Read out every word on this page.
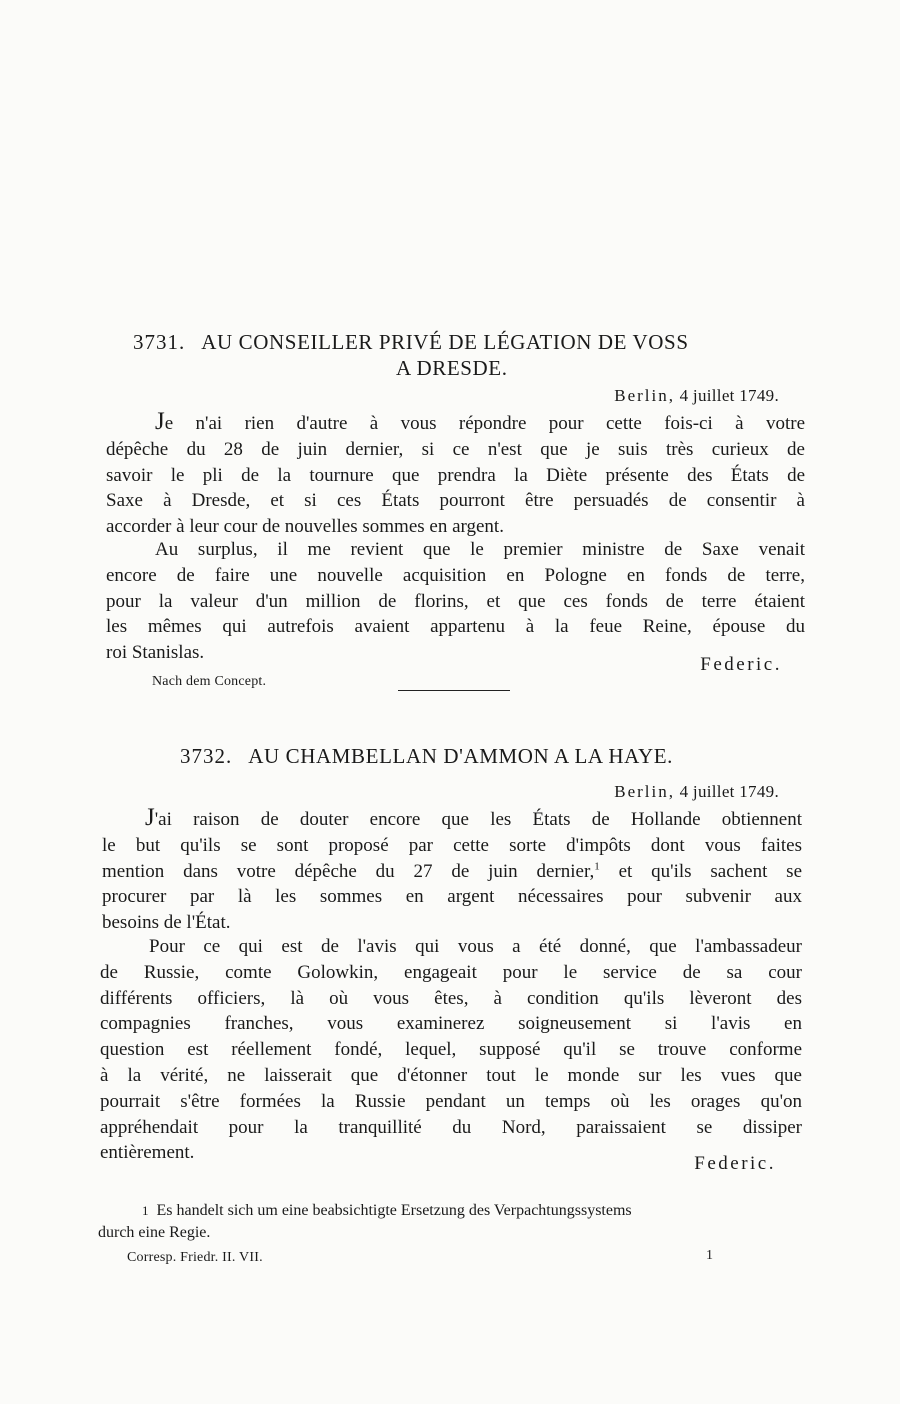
3731. AU CONSEILLER PRIVÉ DE LÉGATION DE VOSS
A DRESDE.
Berlin, 4 juillet 1749.
Je n'ai rien d'autre à vous répondre pour cette fois-ci à votre
dépêche du 28 de juin dernier, si ce n'est que je suis très curieux de
savoir le pli de la tournure que prendra la Diète présente des États de
Saxe à Dresde, et si ces États pourront être persuadés de consentir à
accorder à leur cour de nouvelles sommes en argent.
Au surplus, il me revient que le premier ministre de Saxe venait
encore de faire une nouvelle acquisition en Pologne en fonds de terre,
pour la valeur d'un million de florins, et que ces fonds de terre étaient
les mêmes qui autrefois avaient appartenu à la feue Reine, épouse du
roi Stanislas.
Federic.
Nach dem Concept.
3732. AU CHAMBELLAN D'AMMON A LA HAYE.
Berlin, 4 juillet 1749.
J'ai raison de douter encore que les États de Hollande obtiennent
le but qu'ils se sont proposé par cette sorte d'impôts dont vous faites
mention dans votre dépêche du 27 de juin dernier,$^1$ et qu'ils sachent se
procurer par là les sommes en argent nécessaires pour subvenir aux
besoins de l'État.
Pour ce qui est de l'avis qui vous a été donné, que l'ambassadeur
de Russie, comte Golowkin, engageait pour le service de sa cour
différents officiers, là où vous êtes, à condition qu'ils lèveront des
compagnies franches, vous examinerez soigneusement si l'avis en
question est réellement fondé, lequel, supposé qu'il se trouve conforme
à la vérité, ne laisserait que d'étonner tout le monde sur les vues que
pourrait s'être formées la Russie pendant un temps où les orages qu'on
appréhendait pour la tranquillité du Nord, paraissaient se dissiper
entièrement.
Federic.
1 Es handelt sich um eine beabsichtigte Ersetzung des Verpachtungssystems
durch eine Regie.
Corresp. Friedr. II. VII.	1
